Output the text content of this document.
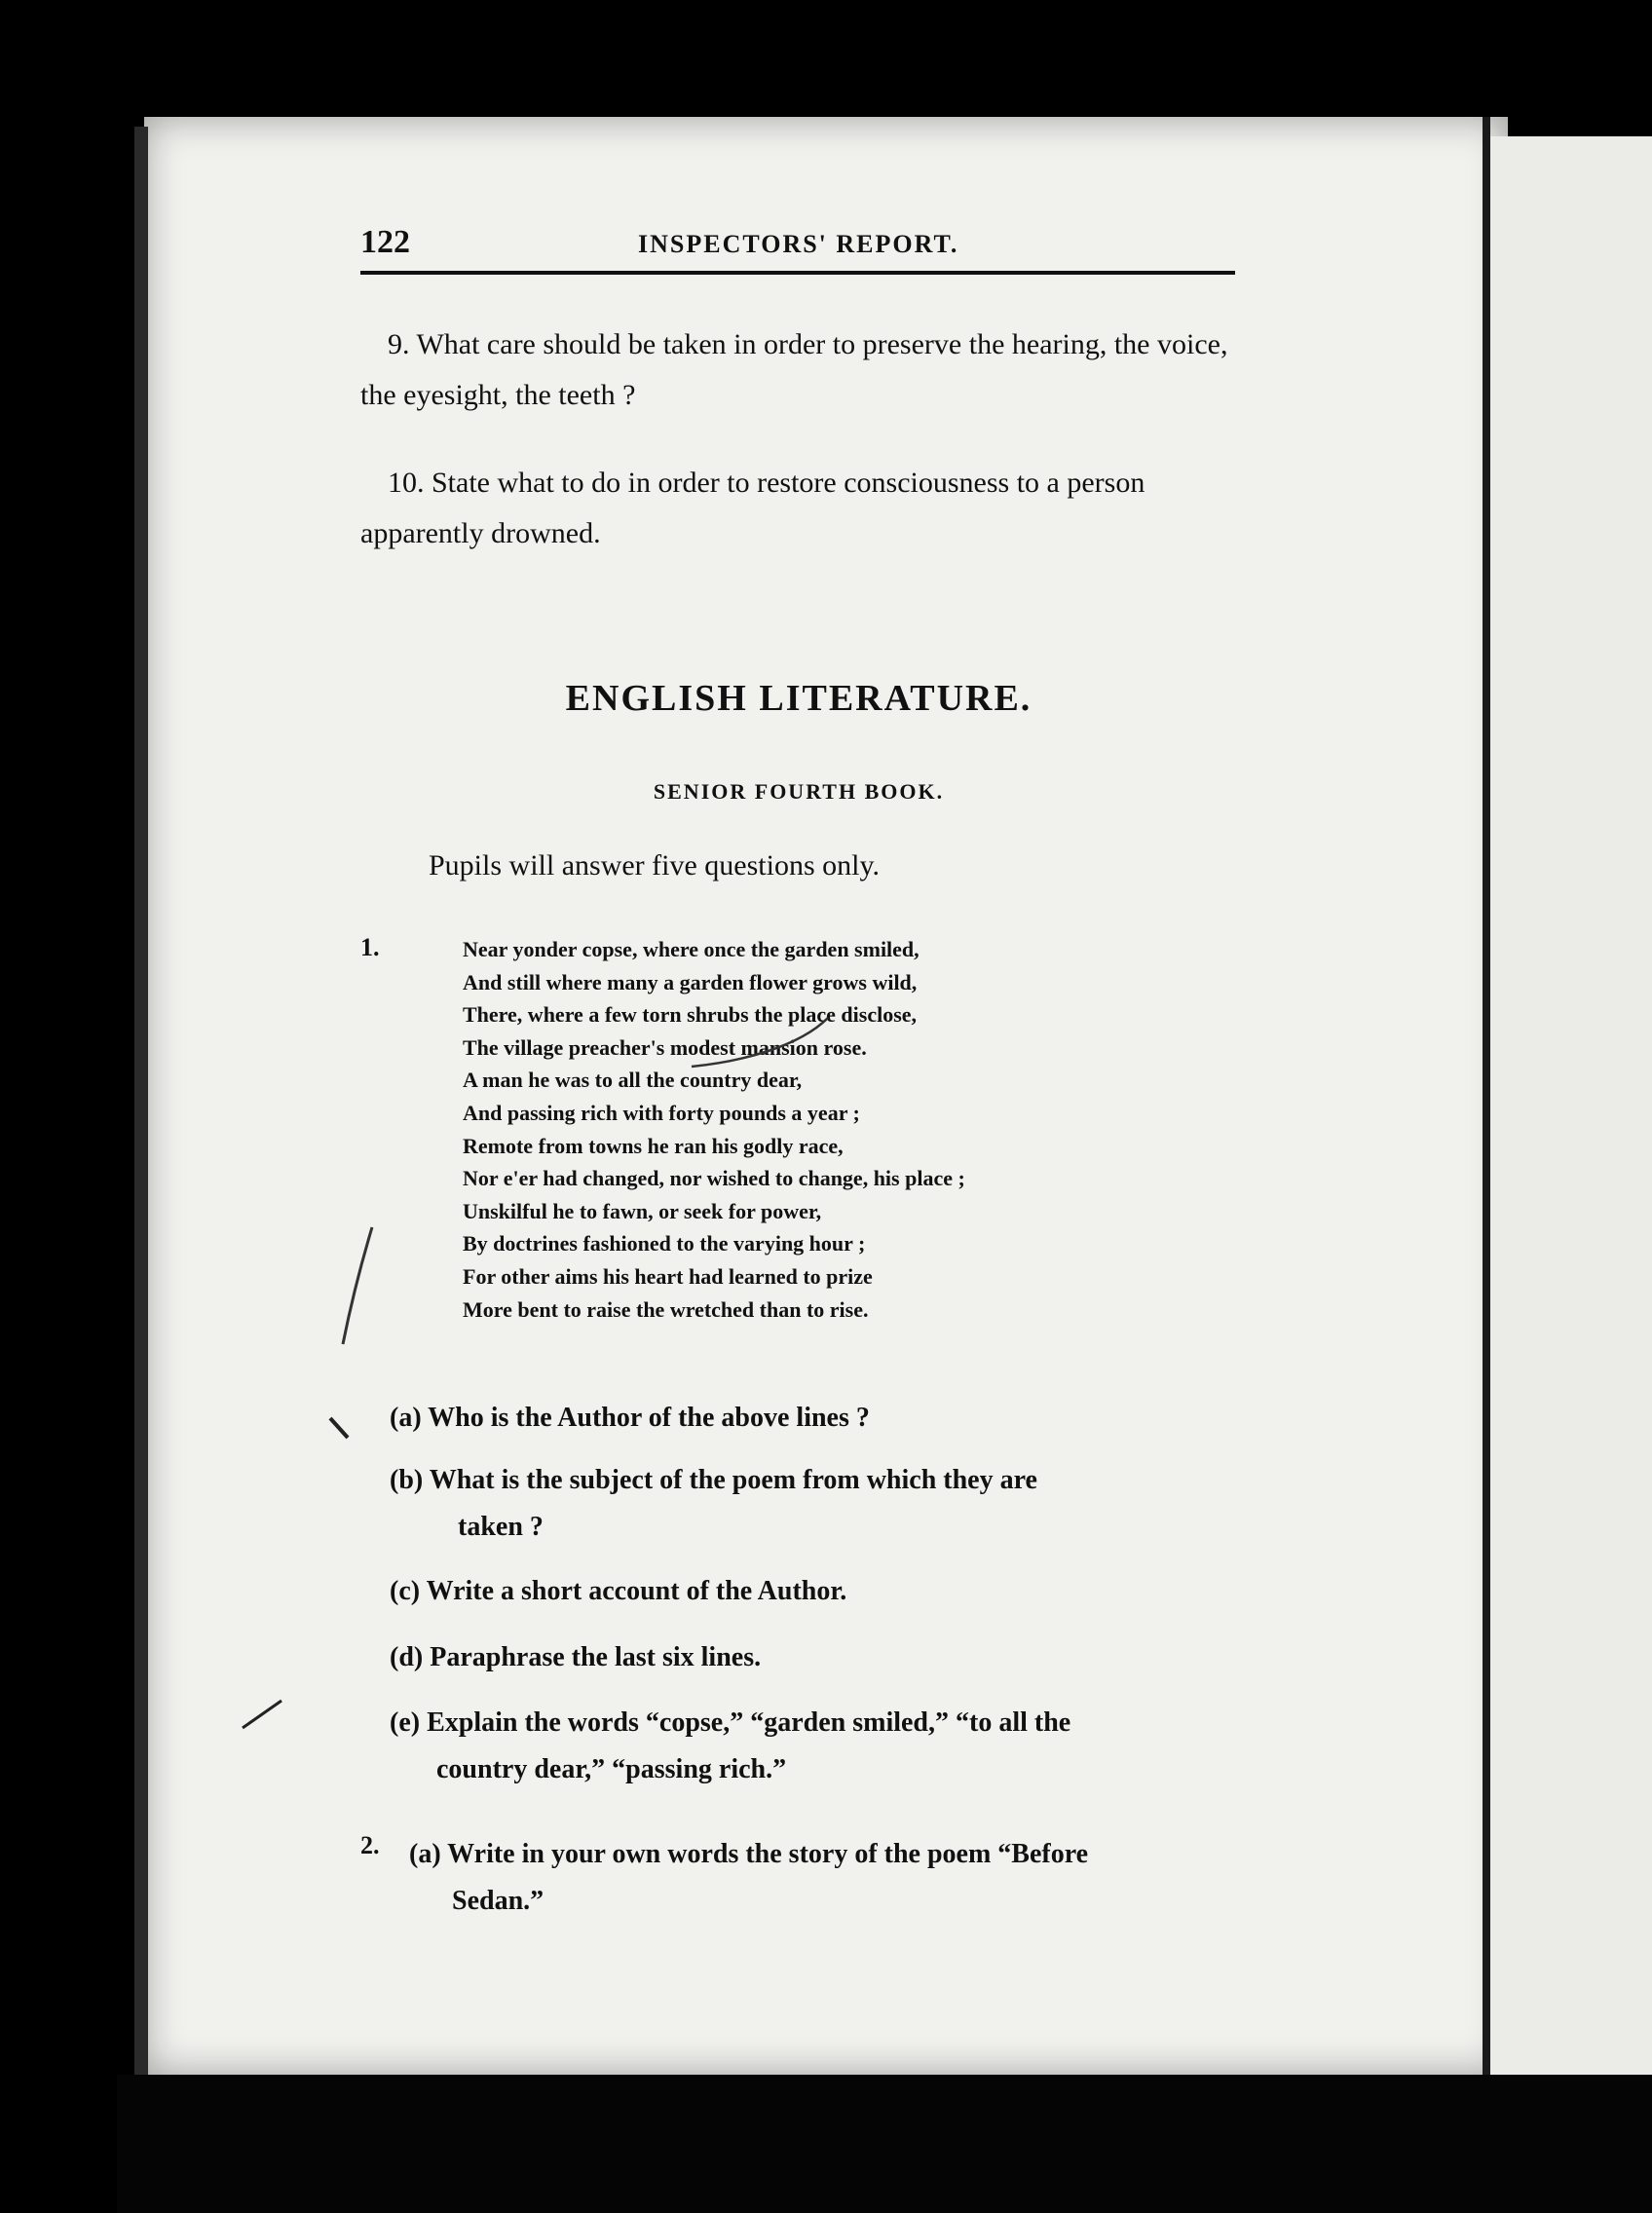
122	INSPECTORS' REPORT.
9. What care should be taken in order to preserve the hearing, the voice, the eyesight, the teeth ?
10. State what to do in order to restore consciousness to a person apparently drowned.
ENGLISH LITERATURE.
SENIOR FOURTH BOOK.
Pupils will answer five questions only.
1.	Near yonder copse, where once the garden smiled,
And still where many a garden flower grows wild,
There, where a few torn shrubs the place disclose,
The village preacher's modest mansion rose.
A man he was to all the country dear,
And passing rich with forty pounds a year ;
Remote from towns he ran his godly race,
Nor e'er had changed, nor wished to change, his place ;
Unskilful he to fawn, or seek for power,
By doctrines fashioned to the varying hour ;
For other aims his heart had learned to prize
More bent to raise the wretched than to rise.
(a) Who is the Author of the above lines ?
(b) What is the subject of the poem from which they are
taken ?
(c) Write a short account of the Author.
(d) Paraphrase the last six lines.
(e) Explain the words “copse,” “garden smiled,” “to all the
country dear,” “passing rich.”
2. (a) Write in your own words the story of the poem “Before
Sedan.”
